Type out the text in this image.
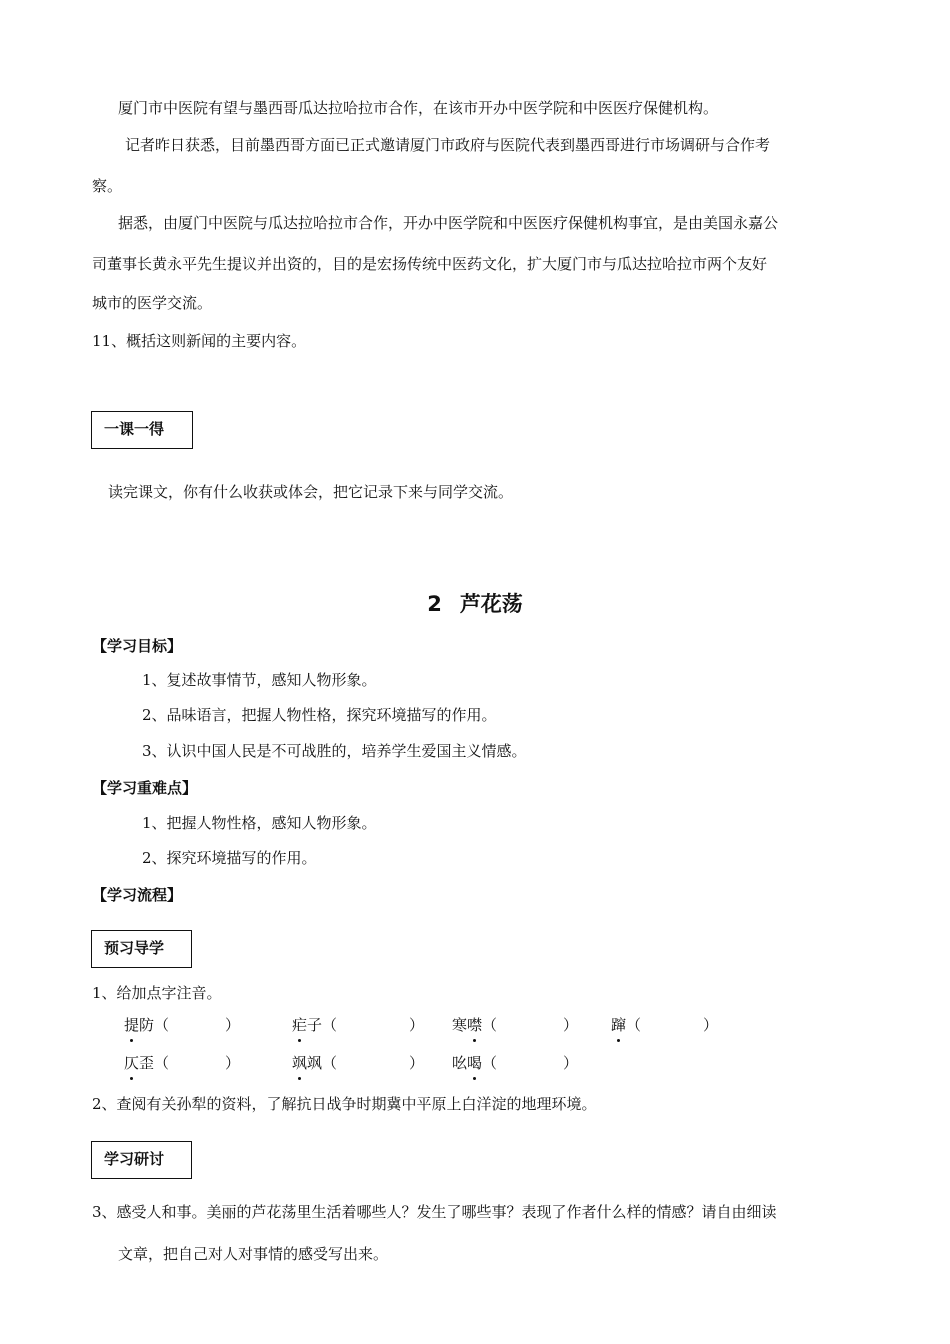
厦门市中医院有望与墨西哥瓜达拉哈拉市合作，在该市开办中医学院和中医医疗保健机构。
记者昨日获悉，目前墨西哥方面已正式邀请厦门市政府与医院代表到墨西哥进行市场调研与合作考
察。
据悉，由厦门中医院与瓜达拉哈拉市合作，开办中医学院和中医医疗保健机构事宜，是由美国永嘉公
司董事长黄永平先生提议并出资的，目的是宏扬传统中医药文化，扩大厦门市与瓜达拉哈拉市两个友好
城市的医学交流。
11、概括这则新闻的主要内容。
一课一得
读完课文，你有什么收获或体会，把它记录下来与同学交流。
2 芦花荡
【学习目标】
1、复述故事情节，感知人物形象。
2、品味语言，把握人物性格，探究环境描写的作用。
3、认识中国人民是不可战胜的，培养学生爱国主义情感。
【学习重难点】
1、把握人物性格，感知人物形象。
2、探究环境描写的作用。
【学习流程】
预习导学
1、给加点字注音。
提防（	）	疟子（	） 寒噤（	） 蹿（	）
仄歪（	）	飒飒（	） 吆喝（	）
2、查阅有关孙犁的资料，了解抗日战争时期冀中平原上白洋淀的地理环境。
学习研讨
3、感受人和事。美丽的芦花荡里生活着哪些人？发生了哪些事？表现了作者什么样的情感？请自由细读
文章，把自己对人对事情的感受写出来。
